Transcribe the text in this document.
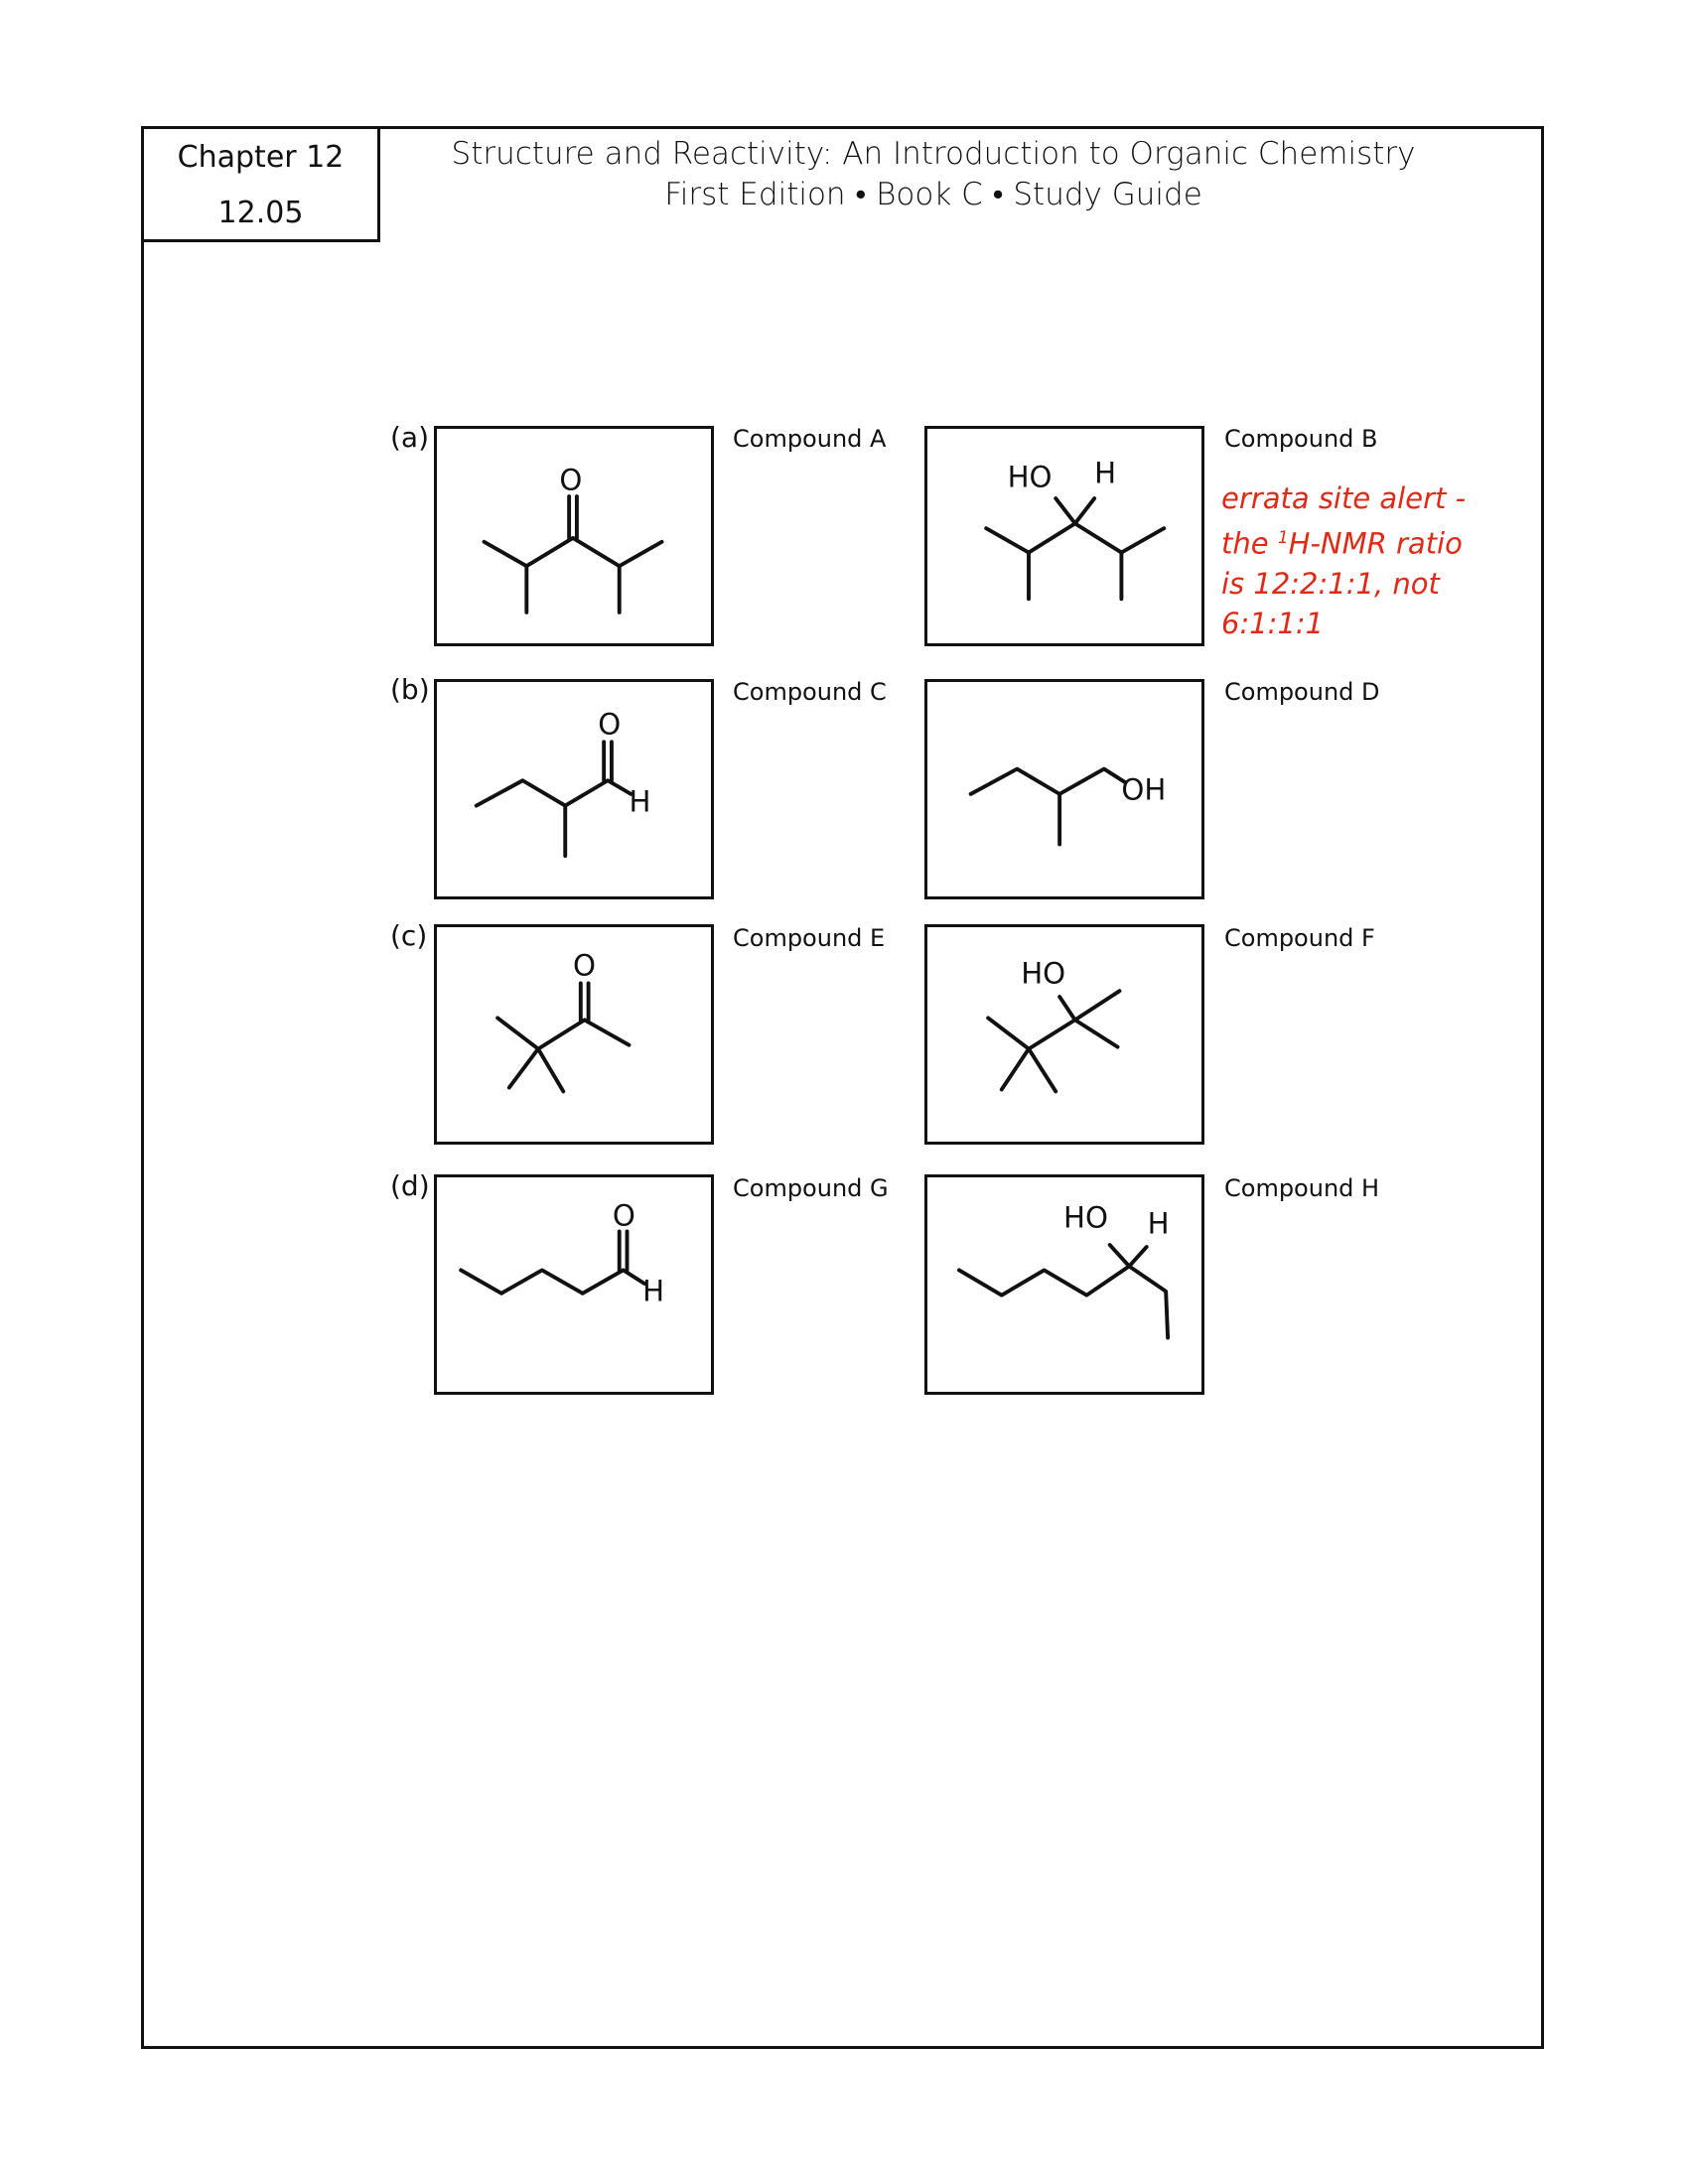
Chapter 12
12.05
Structure and Reactivity: An Introduction to Organic Chemistry
First Edition • Book C • Study Guide
(a)
(b)
(c)
(d)
Compound A	Compound B
Compound C	Compound D
Compound E	Compound F
Compound G	Compound H
O	HO H
errata site alert -
the $^1$H-NMR ratio
is 12:2:1:1, not
6:1:1:1
O
H	OH
O	HO
O
H
HO H
